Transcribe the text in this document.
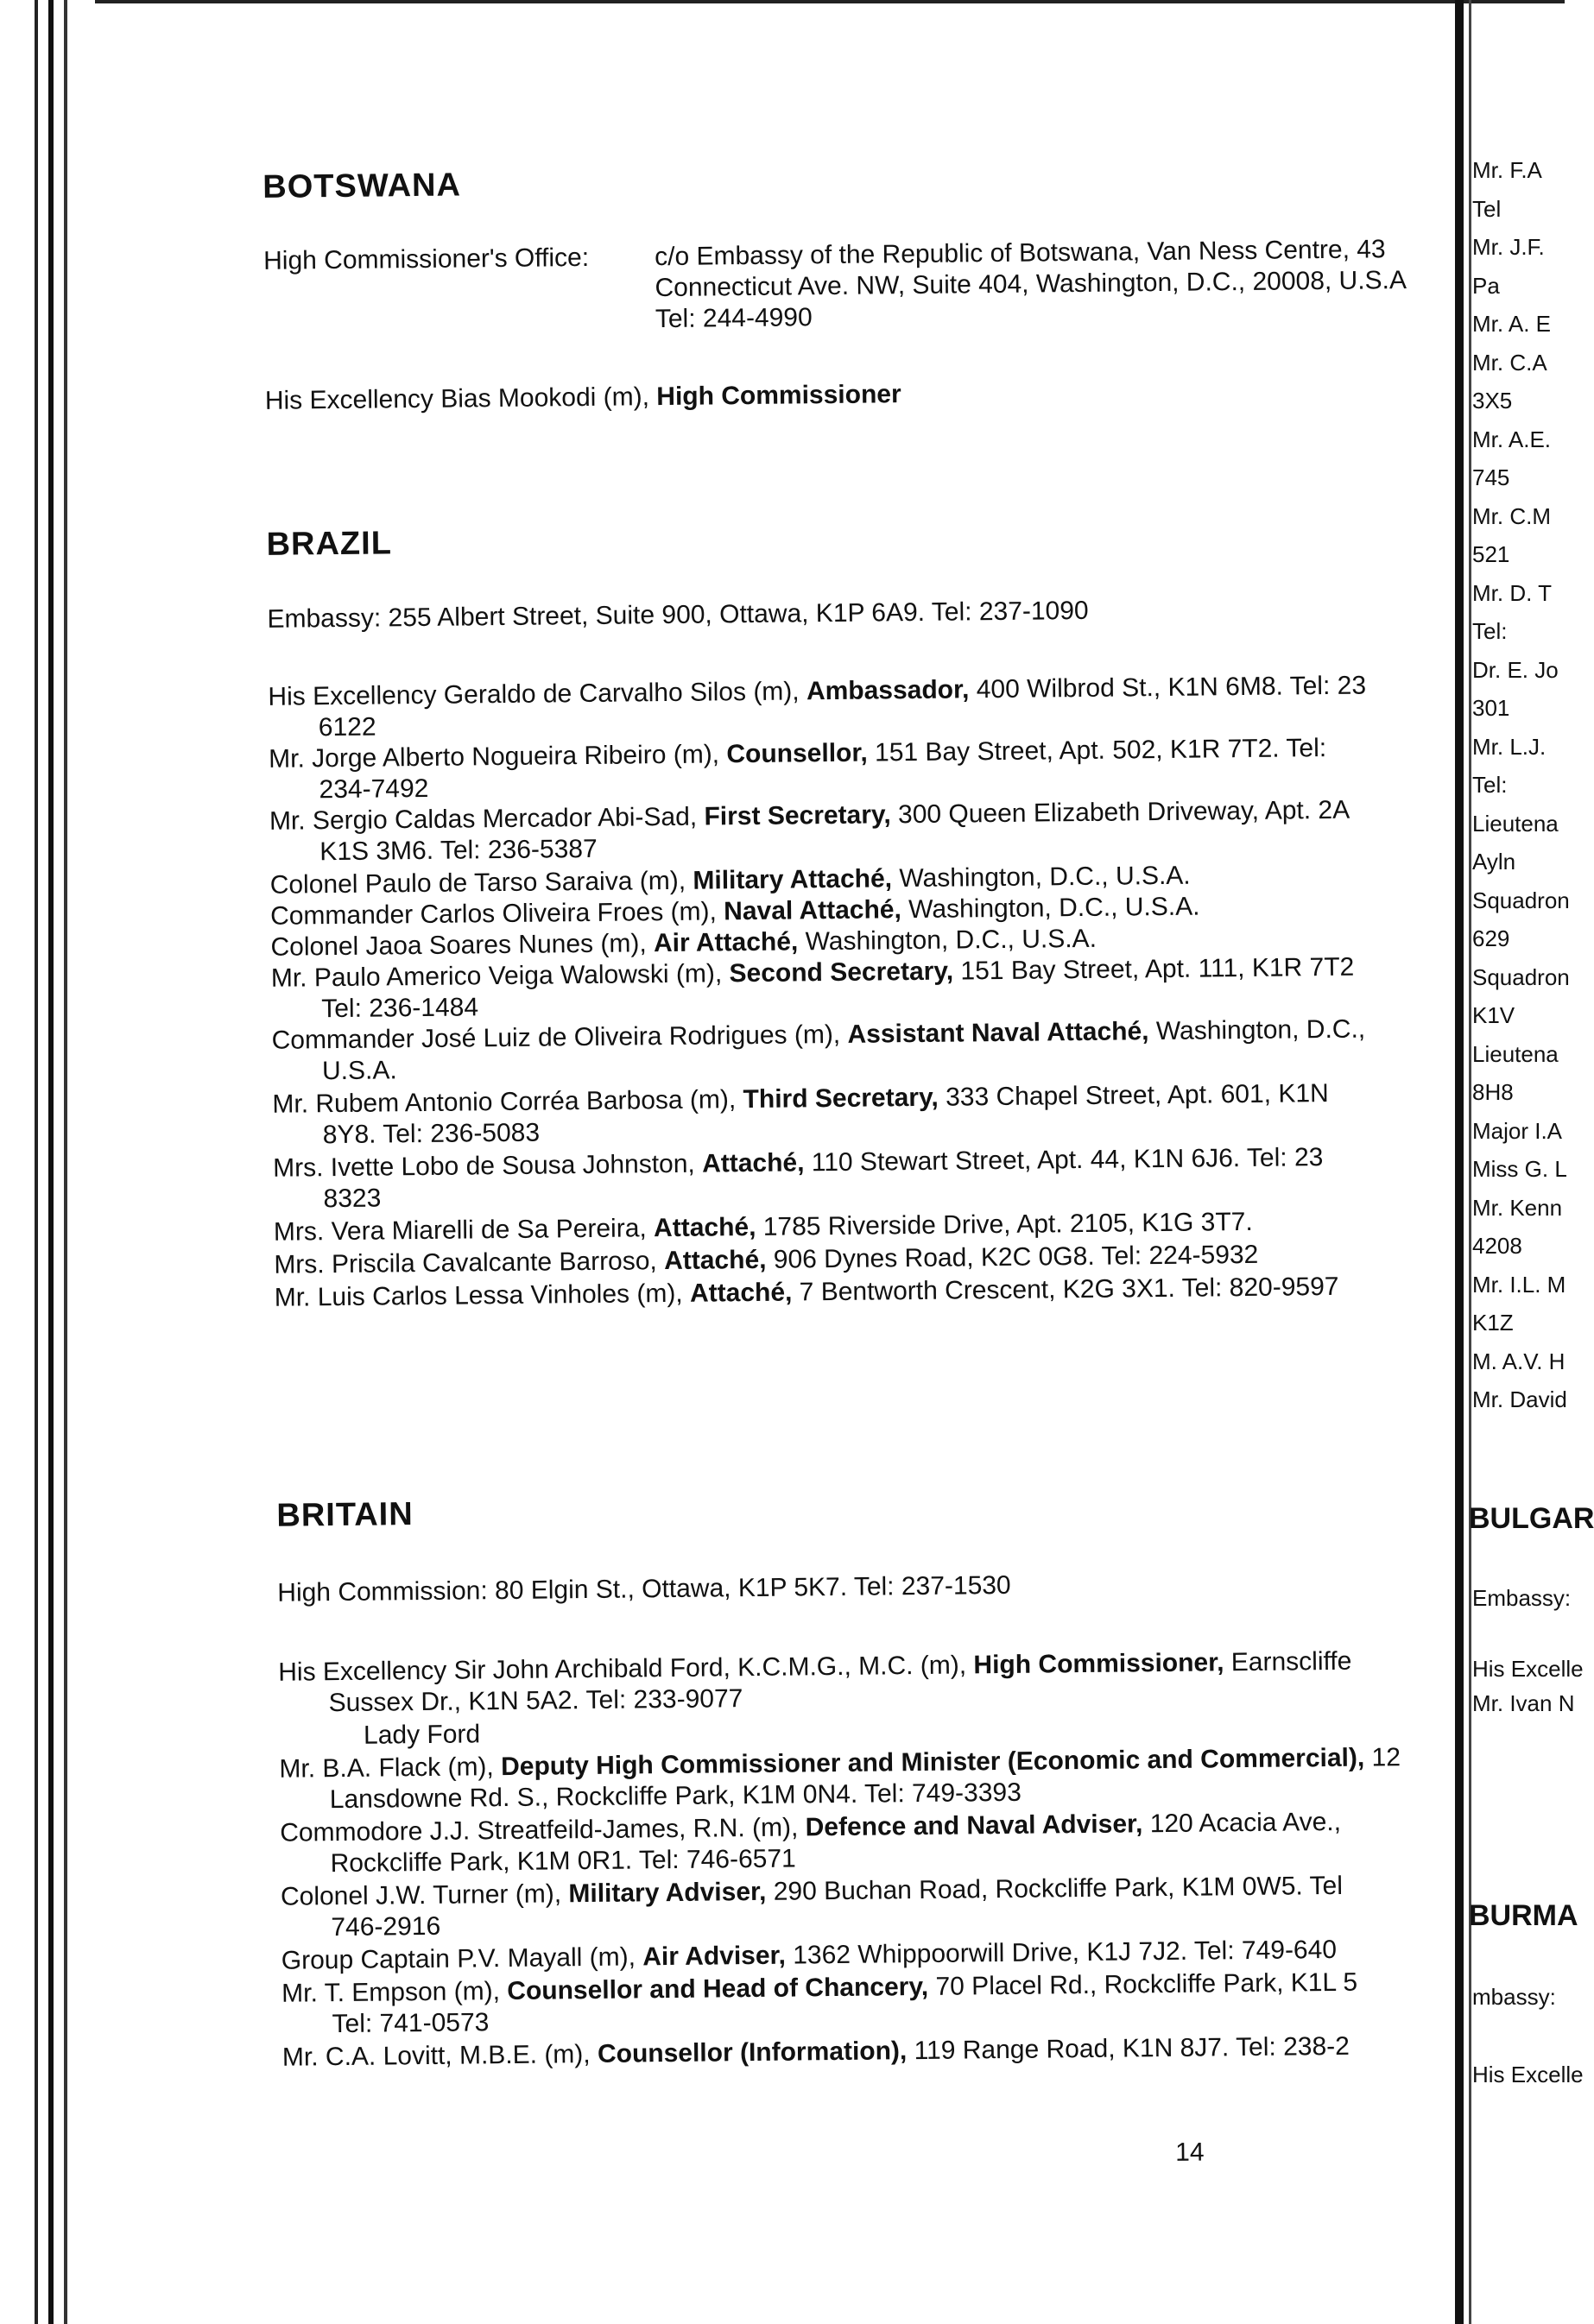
BOTSWANA
High Commissioner's Office:	c/o Embassy of the Republic of Botswana, Van Ness Centre, 43
Connecticut Ave. NW, Suite 404, Washington, D.C., 20008, U.S.A
Tel: 244-4990
His Excellency Bias Mookodi (m), High Commissioner
BRAZIL
Embassy: 255 Albert Street, Suite 900, Ottawa, K1P 6A9. Tel: 237-1090
His Excellency Geraldo de Carvalho Silos (m), Ambassador, 400 Wilbrod St., K1N 6M8. Tel: 23
6122
Mr. Jorge Alberto Nogueira Ribeiro (m), Counsellor, 151 Bay Street, Apt. 502, K1R 7T2. Tel:
234-7492
Mr. Sergio Caldas Mercador Abi-Sad, First Secretary, 300 Queen Elizabeth Driveway, Apt. 2A
K1S 3M6. Tel: 236-5387
Colonel Paulo de Tarso Saraiva (m), Military Attaché, Washington, D.C., U.S.A.
Commander Carlos Oliveira Froes (m), Naval Attaché, Washington, D.C., U.S.A.
Colonel Jaoa Soares Nunes (m), Air Attaché, Washington, D.C., U.S.A.
Mr. Paulo Americo Veiga Walowski (m), Second Secretary, 151 Bay Street, Apt. 111, K1R 7T2
Tel: 236-1484
Commander José Luiz de Oliveira Rodrigues (m), Assistant Naval Attaché, Washington, D.C.,
U.S.A.
Mr. Rubem Antonio Corréa Barbosa (m), Third Secretary, 333 Chapel Street, Apt. 601, K1N
8Y8. Tel: 236-5083
Mrs. Ivette Lobo de Sousa Johnston, Attaché, 110 Stewart Street, Apt. 44, K1N 6J6. Tel: 23
8323
Mrs. Vera Miarelli de Sa Pereira, Attaché, 1785 Riverside Drive, Apt. 2105, K1G 3T7.
Mrs. Priscila Cavalcante Barroso, Attaché, 906 Dynes Road, K2C 0G8. Tel: 224-5932
Mr. Luis Carlos Lessa Vinholes (m), Attaché, 7 Bentworth Crescent, K2G 3X1. Tel: 820-9597
BRITAIN
High Commission: 80 Elgin St., Ottawa, K1P 5K7. Tel: 237-1530
His Excellency Sir John Archibald Ford, K.C.M.G., M.C. (m), High Commissioner, Earnscliffe
Sussex Dr., K1N 5A2. Tel: 233-9077
Lady Ford
Mr. B.A. Flack (m), Deputy High Commissioner and Minister (Economic and Commercial), 12
Lansdowne Rd. S., Rockcliffe Park, K1M 0N4. Tel: 749-3393
Commodore J.J. Streatfeild-James, R.N. (m), Defence and Naval Adviser, 120 Acacia Ave.,
Rockcliffe Park, K1M 0R1. Tel: 746-6571
Colonel J.W. Turner (m), Military Adviser, 290 Buchan Road, Rockcliffe Park, K1M 0W5. Tel
746-2916
Group Captain P.V. Mayall (m), Air Adviser, 1362 Whippoorwill Drive, K1J 7J2. Tel: 749-640
Mr. T. Empson (m), Counsellor and Head of Chancery, 70 Placel Rd., Rockcliffe Park, K1L 5
Tel: 741-0573
Mr. C.A. Lovitt, M.B.E. (m), Counsellor (Information), 119 Range Road, K1N 8J7. Tel: 238-2
14
Mr. F.A
Tel
Mr. J.F.
Pa
Mr. A. E
Mr. C.A
3X5
Mr. A.E.
745
Mr. C.M
521
Mr. D. T
Tel:
Dr. E. Jo
301
Mr. L.J.
Tel:
Lieutena
Ayln
Squadron
629
Squadron
K1V
Lieutena
8H8
Major I.A
Miss G. L
Mr. Kenn
4208
Mr. I.L. M
K1Z
M. A.V. H
Mr. David
BULGAR
Embassy:
His Excelle
Mr. Ivan N
BURMA
mbassy:
His Excelle
